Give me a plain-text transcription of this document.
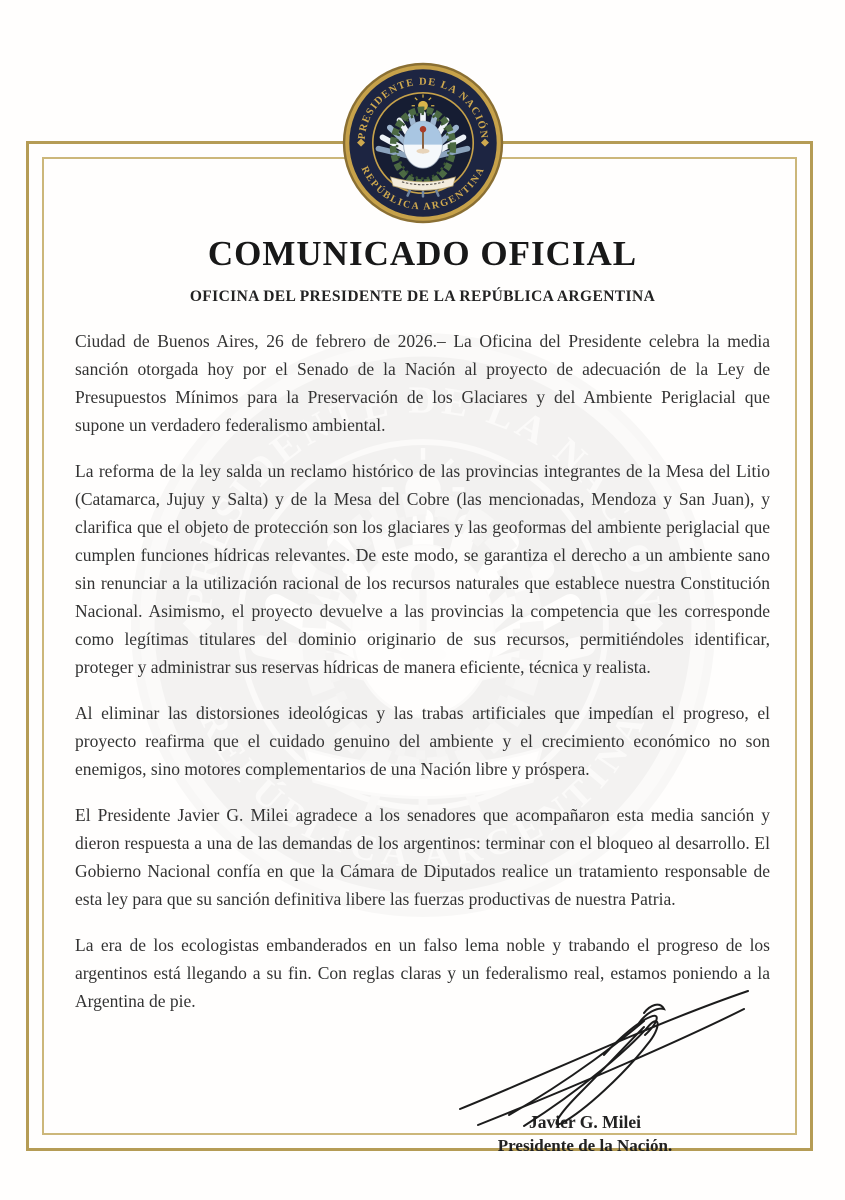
COMUNICADO OFICIAL
OFICINA DEL PRESIDENTE DE LA REPÚBLICA ARGENTINA

Ciudad de Buenos Aires, 26 de febrero de 2026.– La Oficina del Presidente celebra la media sanción otorgada hoy por el Senado de la Nación al proyecto de adecuación de la Ley de Presupuestos Mínimos para la Preservación de los Glaciares y del Ambiente Periglacial que supone un verdadero federalismo ambiental.

La reforma de la ley salda un reclamo histórico de las provincias integrantes de la Mesa del Litio (Catamarca, Jujuy y Salta) y de la Mesa del Cobre (las mencionadas, Mendoza y San Juan), y clarifica que el objeto de protección son los glaciares y las geoformas del ambiente periglacial que cumplen funciones hídricas relevantes. De este modo, se garantiza el derecho a un ambiente sano sin renunciar a la utilización racional de los recursos naturales que establece nuestra Constitución Nacional. Asimismo, el proyecto devuelve a las provincias la competencia que les corresponde como legítimas titulares del dominio originario de sus recursos, permitiéndoles identificar, proteger y administrar sus reservas hídricas de manera eficiente, técnica y realista.

Al eliminar las distorsiones ideológicas y las trabas artificiales que impedían el progreso, el proyecto reafirma que el cuidado genuino del ambiente y el crecimiento económico no son enemigos, sino motores complementarios de una Nación libre y próspera.

El Presidente Javier G. Milei agradece a los senadores que acompañaron esta media sanción y dieron respuesta a una de las demandas de los argentinos: terminar con el bloqueo al desarrollo. El Gobierno Nacional confía en que la Cámara de Diputados realice un tratamiento responsable de esta ley para que su sanción definitiva libere las fuerzas productivas de nuestra Patria.

La era de los ecologistas embanderados en un falso lema noble y trabando el progreso de los argentinos está llegando a su fin. Con reglas claras y un federalismo real, estamos poniendo a la Argentina de pie.

Javier G. Milei

Presidente de la Nación.
